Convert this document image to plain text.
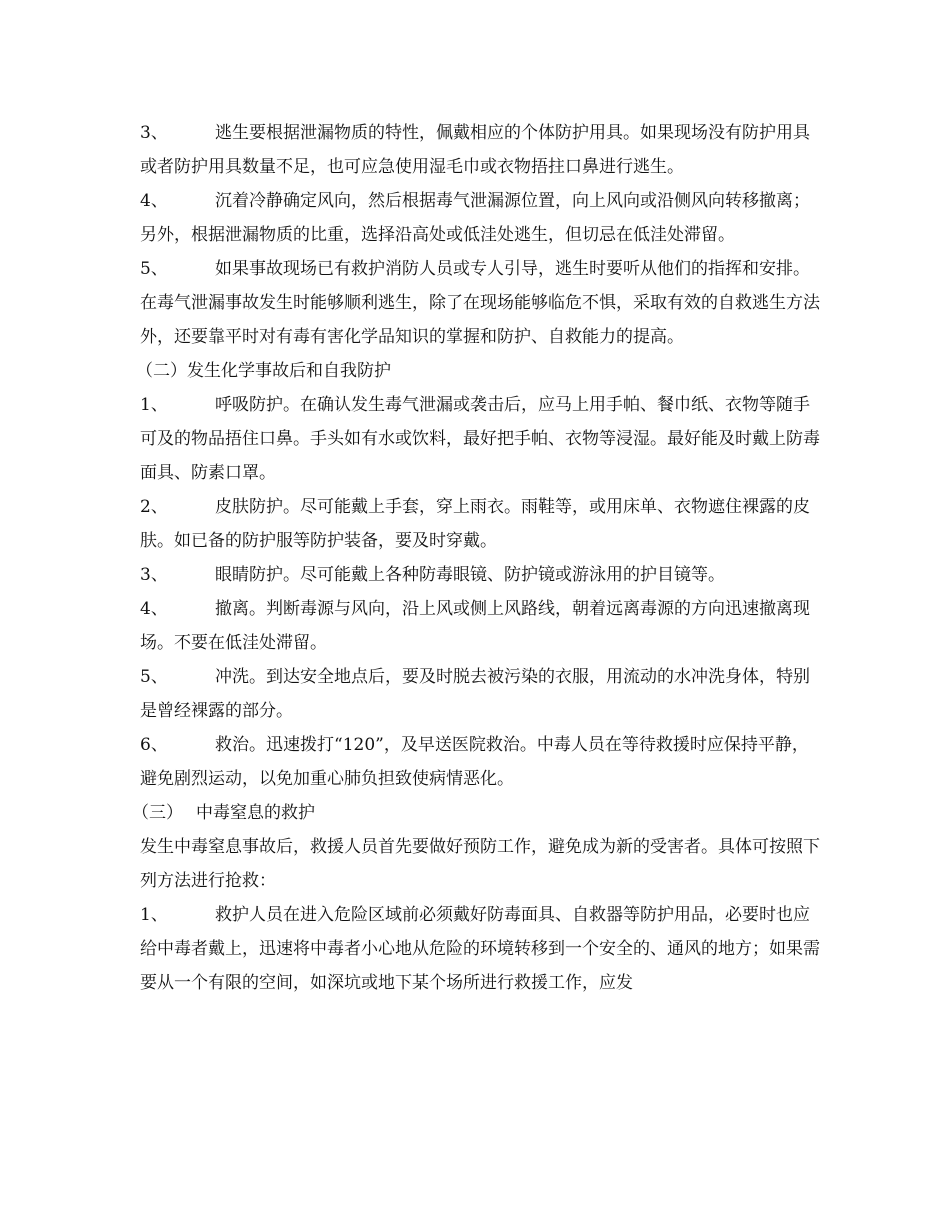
3、	逃生要根据泄漏物质的特性，佩戴相应的个体防护用具。如果现场没有防护用具或者防护用具数量不足，也可应急使用湿毛巾或衣物捂拄口鼻进行逃生。

4、	沉着冷静确定风向，然后根据毒气泄漏源位置，向上风向或沿侧风向转移撤离；另外，根据泄漏物质的比重，选择沿高处或低洼处逃生，但切忌在低洼处滞留。

5、	如果事故现场已有救护消防人员或专人引导，逃生时要听从他们的指挥和安排。

在毒气泄漏事故发生时能够顺利逃生，除了在现场能够临危不惧，采取有效的自救逃生方法外，还要靠平时对有毒有害化学品知识的掌握和防护、自救能力的提高。

（二）发生化学事故后和自我防护

1、	呼吸防护。在确认发生毒气泄漏或袭击后，应马上用手帕、餐巾纸、衣物等随手可及的物品捂住口鼻。手头如有水或饮料，最好把手帕、衣物等浸湿。最好能及时戴上防毒面具、防素口罩。

2、	皮肤防护。尽可能戴上手套，穿上雨衣。雨鞋等，或用床单、衣物遮住裸露的皮肤。如已备的防护服等防护装备，要及时穿戴。

3、	眼睛防护。尽可能戴上各种防毒眼镜、防护镜或游泳用的护目镜等。

4、	撤离。判断毒源与风向，沿上风或侧上风路线，朝着远离毒源的方向迅速撤离现场。不要在低洼处滞留。

5、	冲洗。到达安全地点后，要及时脱去被污染的衣服，用流动的水冲洗身体，特别是曾经裸露的部分。

6、	救治。迅速拨打“120”，及早送医院救治。中毒人员在等待救援时应保持平静，避免剧烈运动，以免加重心肺负担致使病情恶化。

（三） 中毒窒息的救护

发生中毒窒息事故后，救援人员首先要做好预防工作，避免成为新的受害者。具体可按照下列方法进行抢救：

1、	救护人员在进入危险区域前必须戴好防毒面具、自救器等防护用品，必要时也应给中毒者戴上，迅速将中毒者小心地从危险的环境转移到一个安全的、通风的地方；如果需要从一个有限的空间，如深坑或地下某个场所进行救援工作，应发
